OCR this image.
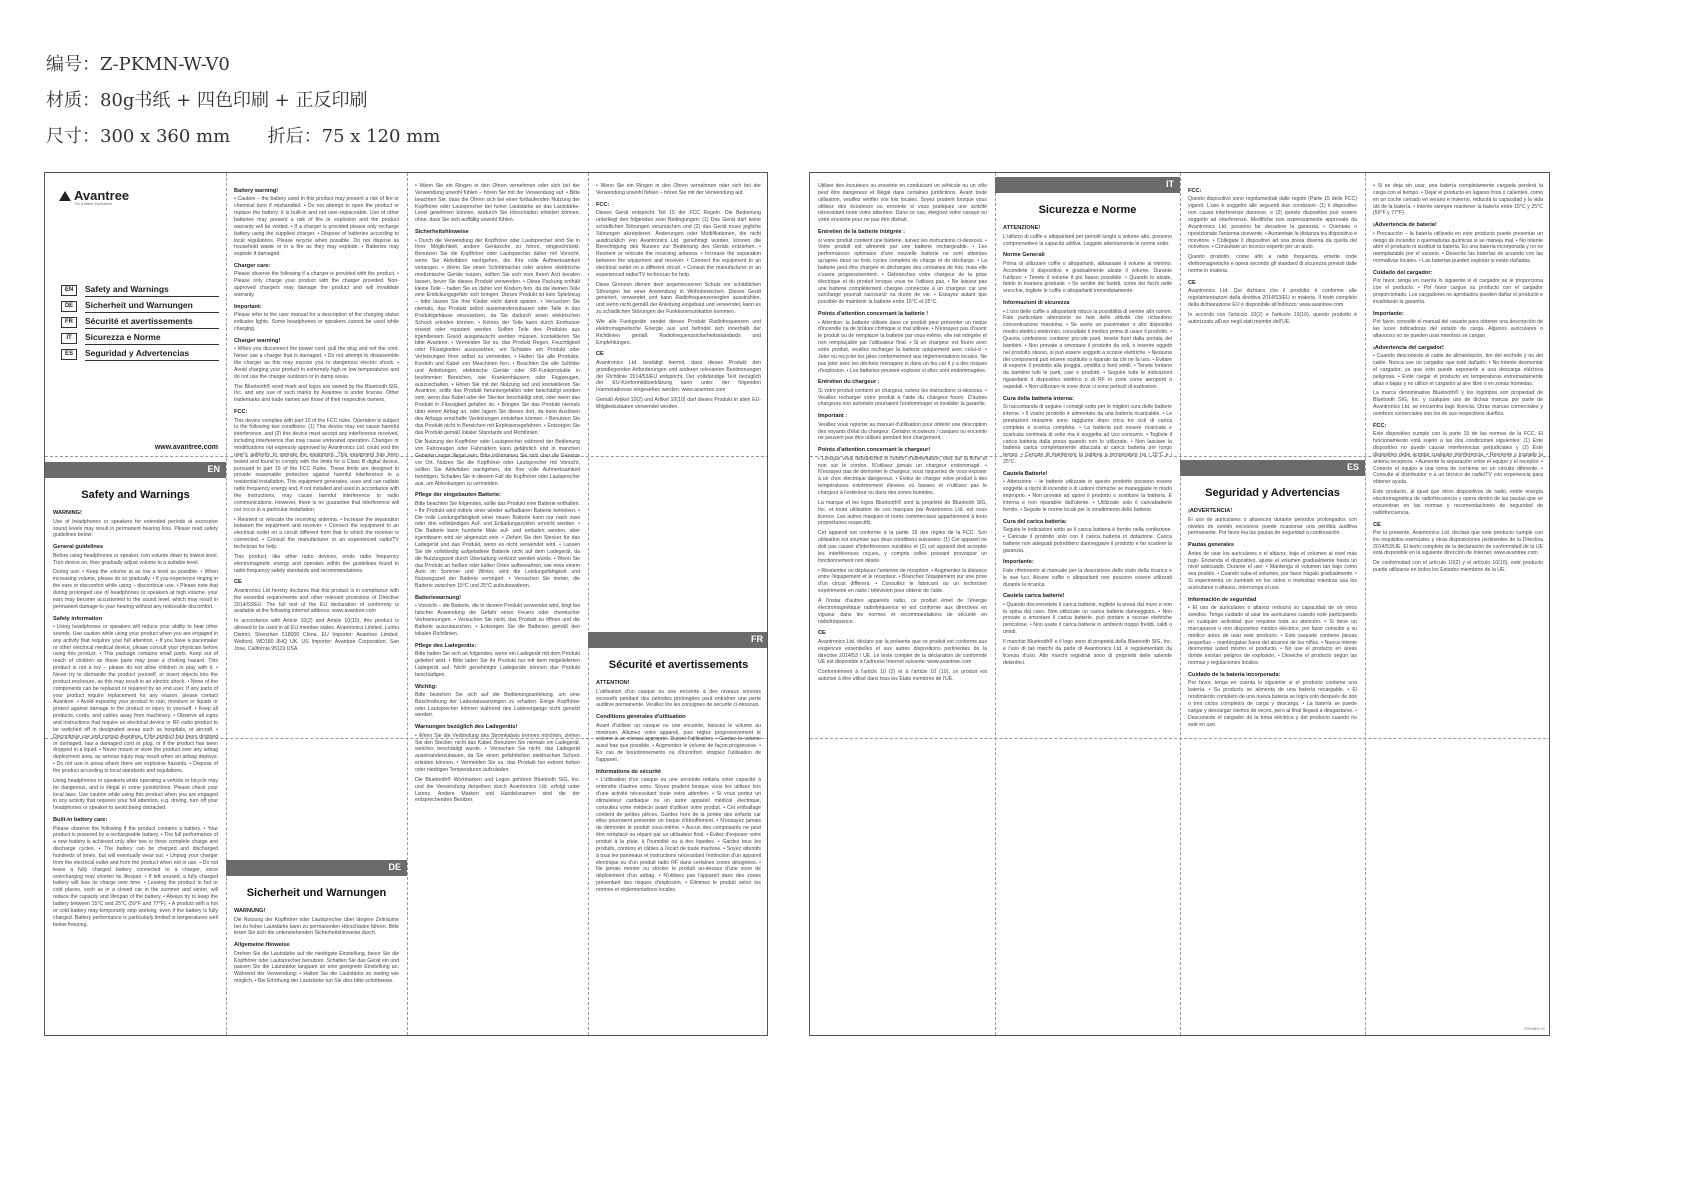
编号：Z-PKMN-W-V0
材质：80g书纸 + 四色印刷 + 正反印刷
尺寸：300 x 360 mm 折后：75 x 120 mm
Avantree
For a Better Experience
EN	Safety and Warnings
DE	Sicherheit und Warnungen
FR	Sécurité et avertissements
IT	Sicurezza e Norme
ES	Seguridad y Advertencias
www.avantree.com
EN
Safety and Warnings
WARNING!

Use of headphones or speakers for extended periods at excessive sound levels may result in permanent hearing loss. Please read safety guidelines below:

General guidelines

Before using headphones or speaker, turn volume down to lowest level. Turn device on, then gradually adjust volume to a suitable level.

During use: • Keep the volume at as low a level as possible. • When increasing volume, please do so gradually. • If you experience ringing in the ears or discomfort while using – discontinue use. • Please note that during prolonged use of headphones or speakers at high volume, your ears may become accustomed to the sound level, which may result in permanent damage to your hearing without any noticeable discomfort.

Safety information

• Using headphones or speakers will reduce your ability to hear other sounds. Use caution while using your product when you are engaged in any activity that requires your full attention. • If you have a pacemaker or other electrical medical device, please consult your physician before using this product. • This package contains small parts. Keep out of reach of children as these parts may pose a choking hazard. This product is not a toy – please do not allow children to play with it. • Never try to dismantle the product yourself, or insert objects into the product enclosure, as this may result in an electric shock. • None of the components can be replaced or repaired by an end user. If any parts of your product require replacement for any reason, please contact Avantree. • Avoid exposing your product to rain, moisture or liquids or protect against damage to the product or injury to yourself. • Keep all products, cords, and cables away from machinery. • Observe all signs and instructions that require an electrical device or RF radio product to be switched off in designated areas such as hospitals, or aircraft. • Discontinue use and contact Avantree, if the product has been dropped or damaged, has a damaged cord or plug, or if the product has been dropped in a liquid. • Never mount or store the product over any airbag deployment area, as serious injury may result when an airbag deploys. • Do not use in areas where there are explosive hazards. • Dispose of the product according to local standards and regulations.

Using headphones or speakers while operating a vehicle or bicycle may be dangerous, and is illegal in some jurisdictions. Please check your local laws. Use caution while using this product when you are engaged in any activity that requires your full attention, e.g. driving, turn off your headphones or speaker to avoid being distracted.

Built-in battery care:

Please observe the following if the product contains a battery. • Your product is powered by a rechargeable battery. • The full performance of a new battery is achieved only after two or three complete charge and discharge cycles. • The battery can be charged and discharged hundreds of times, but will eventually wear out. • Unplug your charger from the electrical outlet and from the product when not in use. • Do not leave a fully charged battery connected to a charger, since overcharging may shorten its lifespan. • If left unused, a fully charged battery will lose its charge over time. • Leaving the product in hot or cold places, such as in a closed car in the summer and winter, will reduce the capacity and lifespan of the battery. • Always try to keep the battery between 15°C and 25°C (59°F and 77°F). • A product with a hot or cold battery may temporarily stop working, even if the battery is fully charged. Battery performance is particularly limited in temperatures well below freezing.

Battery warning!

• Caution – the battery used in this product may present a risk of fire or chemical burn if mishandled. • Do not attempt to open the product or replace the battery. It is built-in and not user-replaceable. Use of other batteries may present a risk of fire or explosion and the product warranty will be voided. • If a charger is provided please only recharge battery using the supplied charger. • Dispose of batteries according to local regulations. Please recycle when possible. Do not dispose as household waste or in a fire as they may explode. • Batteries may explode if damaged.

Charger care:

Please observe the following if a charger is provided with the product. • Please only charge your product with the charger provided. Non-approved chargers may damage the product and will invalidate warranty.

Important:

Please refer to the user manual for a description of the charging status indicator lights. Some headphones or speakers cannot be used while charging.

Charger warning!

• When you disconnect the power cord, pull the plug and not the cord. Never use a charger that is damaged. • Do not attempt to disassemble the charger as this may expose you to dangerous electric shock. • Avoid charging your product in extremely high or low temperatures and do not use the charger outdoors or in damp areas.

The Bluetooth® word mark and logos are owned by the Bluetooth SIG, Inc. and any use of such marks by Avantree is under license. Other trademarks and trade names are those of their respective owners.

FCC:

This device complies with part 15 of the FCC rules. Operation is subject to the following two conditions: (1) This device may not cause harmful interference, and (2) this device must accept any interference received, including interference that may cause undesired operation. Changes or modifications not expressly approved by Avantronics Ltd. could void the user's authority to operate the equipment. This equipment has been tested and found to comply with the limits for a Class B digital device, pursuant to part 15 of the FCC Rules. These limits are designed to provide reasonable protection against harmful interference in a residential installation. This equipment generates, uses and can radiate radio frequency energy and, if not installed and used in accordance with the instructions, may cause harmful interference to radio communications. However, there is no guarantee that interference will not occur in a particular installation.

• Reorient or relocate the receiving antenna. • Increase the separation between the equipment and receiver. • Connect the equipment to an electrical outlet on a circuit different from that to which the receiver is connected. • Consult the manufacturer or an experienced radio/TV technician for help.

This product, like other radio devices, emits radio frequency electromagnetic energy and operates within the guidelines found in radio frequency safety standards and recommendations.

CE

Avantronics Ltd hereby declares that this product is in compliance with the essential requirements and other relevant provisions of Directive 2014/53/EU. The full text of the EU declaration of conformity is available at the following internet address: www.avantree.com

In accordance with Article 10(2) and Article 10(10), this product is allowed to be used in all EU member states. Avantronics Limited, Luohu District, Shenzhen 518000 China. EU Importer: Avantree Limited, Watford, WD180 8HQ UK. US Importer: Avantree Corporation, San Jose, California 95119 USA

DE
Sicherheit und Warnungen
WARNUNG!

Die Nutzung der Kopfhörer oder Lautsprecher über längere Zeiträume bei zu hoher Lautstärke kann zu permanenten Hörschäden führen. Bitte lesen Sie sich die untenstehenden Sicherheitshinweise durch.

Allgemeine Hinweise

Drehen Sie die Lautstärke auf die niedrigste Einstellung, bevor Sie die Kopfhörer oder Lautsprecher benutzen. Schalten Sie das Gerät ein und passen Sie die Lautstärke langsam an eine geeignete Einstellung an. Während der Verwendung: • Halten Sie die Lautstärke so niedrig wie möglich. • Bei Erhöhung der Lautstärke tun Sie dies bitte schrittweise.

• Wenn Sie ein Ringen in den Ohren vernehmen oder sich bei der Verwendung unwohl fühlen – hören Sie mit der Verwendung auf. • Bitte beachten Sie, dass die Ohren sich bei einer fortlaufenden Nutzung der Kopfhörer oder Lautsprecher bei hoher Lautstärke an das Lautstärke-Level gewöhnen können, wodurch Sie Hörschäden erleiden können, ohne, dass Sie sich auffällig unwohl fühlen.

Sicherheitshinweise

• Durch die Verwendung der Kopfhörer oder Lautsprecher sind Sie in Ihrer Möglichkeit, andere Geräusche zu hören, eingeschränkt. Benutzen Sie die Kopfhörer oder Lautsprecher daher mit Vorsicht, wenn Sie Aktivitäten nachgehen, die Ihre volle Aufmerksamkeit verlangen. • Wenn Sie einen Schrittmacher oder andere elektrische medizinische Geräte nutzen, sollten Sie sich vom Ihrem Arzt beraten lassen, bevor Sie dieses Produkt verwenden. • Diese Packung enthält kleine Teile – halten Sie es daher von Kindern fern, da die kleinen Teile eine Erstickungsgefahr sich bringen. Dieses Produkt ist kein Spielzeug – bitte lassen Sie Ihre Kinder nicht damit spielen. • Versuchen Sie niemals, das Produkt selbst auseinanderzubauen oder Teile in das Produktgehäuse einzusetzen, da Sie dadurch einen elektrischen Schock erleiden können. • Keines der Teile kann durch Endnutzer ersetzt oder repariert werden. Sollten Teile des Produkts aus irgendeinem Grund ausgetauscht werden müssen, kontaktieren Sie bitte Avantree. • Vermeiden Sie es, das Produkt Regen, Feuchtigkeit oder Flüssigkeiten auszusetzen, um Schäden am Produkt oder Verletzungen Ihrer selbst zu vermeiden. • Halten Sie alle Produkte, Kordeln und Kabel von Maschinen fern. • Beachten Sie alle Schilder und Anleitungen, elektrische Geräte oder RF-Funkprodukte in bestimmten Bereichen, wie Krankenhäusern oder Flugzeugen, auszuschalten. • Hören Sie mit der Nutzung auf und kontaktieren Sie Avantree, sollte das Produkt heruntergefallen oder beschädigt worden sein, wenn das Kabel oder der Stecker beschädigt sind, oder wenn das Produkt in Flüssigkeit gefallen ist. • Bringen Sie das Produkt niemals über einem Airbag an, oder lagern Sie dieses dort, da beim Auslösen des Airbags ernsthafte Verletzungen entstehen können. • Benutzen Sie das Produkt nicht in Bereichen mit Explosionsgefahren. • Entsorgen Sie das Produkt gemäß lokaler Standards und Richtlinien.

Die Nutzung der Kopfhörer oder Lautsprecher während der Bedienung von Fahrzeugen oder Fahrrädern kann gefährlich und in manchen Gebieten sogar illegal sein. Bitte informieren Sie sich über die Gesetze vor Ort. Nutzen Sie die Kopfhörer oder Lautsprecher mit Vorsicht, sollten Sie Aktivitäten nachgehen, die Ihre volle Aufmerksamkeit benötigen. Schalten Sie in diesem Fall die Kopfhörer oder Lautsprecher aus, um Ablenkungen zu vermeiden.

Pflege der eingebauten Batterie:

Bitte beachten Sie folgendes, sollte das Produkt eine Batterie enthalten. • Ihr Produkt wird mittels einer wieder aufladbaren Batterie betrieben. • Die volle Leistungsfähigkeit einer neuen Batterie kann nur nach zwei oder drei vollständigen Auf- und Entladungszyklen erreicht werden. • Die Batterie kann hunderte Male auf- und entladen werden, aber irgendwann wird sie abgenutzt sein. • Ziehen Sie den Stecker für das Ladegerät und das Produkt, wenn es nicht verwendet wird. • Lassen Sie die vollständig aufgeladene Batterie nicht auf dem Ladegerät, da die Nutzungszeit durch Überladung verkürzt werden würde. • Wenn Sie das Produkt an heißen oder kalten Orten aufbewahren, wie etwa einem Auto im Sommer und Winter, wird die Leistungsfähigkeit und Nutzungszeit der Batterie verringert. • Versuchen Sie immer, die Batterie zwischen 15°C und 25°C aufzubewahren.

Batteriewarnung!

• Vorsicht – die Batterie, die in diesem Produkt verwendet wird, birgt bei falscher Anwendung die Gefahr eines Feuers oder chemischer Verbrennungen. • Versuchen Sie nicht, das Produkt zu öffnen und die Batterie auszutauschen. • Entsorgen Sie die Batterien gemäß den lokalen Richtlinien.

Pflege des Ladegeräts:

Bitte halten Sie sich an folgendes, wenn ein Ladegerät mit dem Produkt geliefert wird. • Bitte laden Sie Ihr Produkt nur mit dem mitgelieferten Ladegerät auf. Nicht genehmigte Ladegeräte können das Produkt beschädigen.

Wichtig:

Bitte beziehen Sie sich auf die Bedienungsanleitung, um eine Beschreibung der Ladestatusanzeigen zu erhalten. Einige Kopfhörer oder Lautsprecher können während des Ladevorgangs nicht genutzt werden.

Warnungen bezüglich des Ladegeräts!

• Wenn Sie die Verbindung des Stromkabels trennen möchten, ziehen Sie den Stecker, nicht das Kabel. Benutzen Sie niemals ein Ladegerät, welches beschädigt wurde. • Versuchen Sie nicht, das Ladegerät auseinanderzubauen, da Sie einen gefährlichen elektrischen Schock erleiden können. • Vermeiden Sie es, das Produkt bei extrem hohen oder niedrigen Temperaturen aufzuladen.

Die Bluetooth® Wortmarken und Logos gehören Bluetooth SIG, Inc. und die Verwendung derselben durch Avantronics Ltd. erfolgt unter Lizenz. Andere Marken und Handelsnamen sind die der entsprechenden Besitzer.

• Wenn Sie ein Ringen in den Ohren vernehmen oder sich bei der Verwendung unwohl fühlen – hören Sie mit der Verwendung auf.

FCC:

Dieses Gerät entspricht Teil 15 der FCC Regeln. Die Bedienung unterliegt den folgenden zwei Bedingungen: (1) Das Gerät darf keine schädlichen Störungen verursachen und (2) das Gerät muss jegliche Störungen akzeptieren. Änderungen oder Modifikationen, die nicht ausdrücklich von Avantronics Ltd. genehmigt wurden, können die Berechtigung des Nutzers zur Bedienung des Geräts entziehen. • Reorient or relocate the receiving antenna. • Increase the separation between the equipment and receiver. • Connect the equipment to an electrical outlet on a different circuit. • Consult the manufacturer or an experienced radio/TV technician for help.

Diese Grenzen dienen dem angemessenen Schutz vor schädlichen Störungen bei einer Anwendung in Wohnbereichen. Dieses Gerät generiert, verwendet und kann Radiofrequenzenergien ausstrahlen, und wenn nicht gemäß der Anleitung eingebaut und verwendet, kann es zu schädlichen Störungen der Funkkommunikation kommen.

Wie alle Funkgeräte sendet dieses Produkt Radiofrequenzen und elektromagnetische Energie aus und befindet sich innerhalb der Richtlinien gemäß Radiofrequenzsicherheitsstandards und Empfehlungen.

CE

Avantronics Ltd. bestätigt hiermit, dass dieses Produkt den grundlegenden Anforderungen und anderen relevanten Bestimmungen der Richtlinie 2014/53/EU entspricht. Der vollständige Text bezüglich der EU-Konformitätserklärung kann unter der folgenden Internetadresse eingesehen werden: www.avantree.com

Gemäß Artikel 10(2) und Artikel 10(10) darf dieses Produkt in allen EU-Mitgliedsstaaten verwendet werden.

FR
Sécurité et avertissements
ATTENTION!

L'utilisation d'un casque ou une enceinte à des niveaux sonores excessifs pendant des périodes prolongées peut entraîner une perte auditive permanente. Veuillez lire les consignes de sécurité ci-dessous.

Conditions générales d'utilisation

Avant d'utiliser un casque ou une enceinte, baissez le volume au minimum. Allumez votre appareil, puis réglez progressivement le volume à un niveau approprié. Durant l'utilisation: • Gardez le volume aussi bas que possible. • Augmentez le volume de façon progressive. • En cas de bourdonnements ou d'inconfort, stoppez l'utilisation de l'appareil.

Informations de sécurité

• L'utilisation d'un casque ou une enceinte réduira votre capacité à entendre d'autres sons. Soyez prudent lorsque vous les utilisez lors d'une activité nécessitant toute votre attention. • Si vous portez un stimulateur cardiaque ou un autre appareil médical électrique, consultez votre médecin avant d'utiliser votre produit. • Cet emballage contient de petites pièces. Gardez hors de la portée des enfants car elles pourraient présenter un risque d'étouffement. • N'essayez jamais de démonter le produit vous-même. • Aucun des composants ne peut être remplacé ou réparé par un utilisateur final. • Évitez d'exposer votre produit à la pluie, à l'humidité ou à des liquides. • Gardez tous les produits, cordons et câbles à l'écart de toute machine. • Soyez attentifs à tous les panneaux et instructions nécessitant l'extinction d'un appareil électrique ou d'un produit radio RF dans certaines zones désignées. • Ne jamais monter ou stocker le produit au-dessus d'une zone de déploiement d'un airbag. • N'utilisez pas l'appareil dans des zones présentant des risques d'explosion. • Éliminez le produit selon les normes et réglementations locales.

Utiliser des écouteurs ou enceinte en conduisant un véhicule ou un vélo peut être dangereux et illégal dans certaines juridictions. Avant toute utilisation, veuillez vérifier vos lois locales. Soyez prudent lorsque vous utilisez des écouteurs ou enceinte si vous pratiquez une activité nécessitant toute votre attention. Dans ce cas, éteignez votre casque ou votre enceinte pour ne pas être distrait.

Entretien de la batterie intégrée :

si votre produit contient une batterie, suivez les instructions ci-dessous. • Votre produit est alimenté par une batterie rechargeable. • Les performances optimales d'une nouvelle batterie ne sont atteintes qu'après deux ou trois cycles complets de charge et de décharge. • La batterie peut être chargée et déchargée des centaines de fois, mais elle s'usera progressivement. • Débranchez votre chargeur de la prise électrique et du produit lorsque vous ne l'utilisez pas. • Ne laissez pas une batterie complètement chargée connectée à un chargeur car une surcharge pourrait raccourcir sa durée de vie. • Essayez autant que possible de maintenir la batterie entre 15°C et 25°C.

Points d'attention concernant la batterie !

• Attention: la batterie utilisée dans ce produit peut présenter un risque d'incendie ou de brûlure chimique si mal utilisée. • N'essayez pas d'ouvrir le produit ou de remplacer la batterie par vous-même, elle est intégrée et non remplaçable par l'utilisateur final. • Si un chargeur est fourni avec votre produit, veuillez recharger la batterie uniquement avec celui-ci. • Jeter ou recycler les piles conformément aux réglementations locales. Ne pas jeter avec les déchets ménagers ni dans un feu car il y a des risques d'explosion. • Les batteries peuvent exploser si elles sont endommagées.

Entretien du chargeur :

Si votre produit contient un chargeur, suivez les instructions ci-dessous. • Veuillez recharger votre produit à l'aide du chargeur fourni. D'autres chargeurs non autorisés pourraient l'endommager et invalider la garantie.

Important :

Veuillez vous reporter au manuel d'utilisation pour obtenir une description des voyants d'état du chargeur. Certains écouteurs / casques ou enceinte ne peuvent pas être utilisés pendant leur chargement.

Points d'attention concernant le chargeur!

• Lorsque vous débranchez le cordon d'alimentation, tirez sur la fiche et non sur le cordon. N'utilisez jamais un chargeur endommagé. • N'essayez pas de démonter le chargeur, vous risqueriez de vous exposer à un choc électrique dangereux. • Évitez de charger votre produit à des températures extrêmement élevées ou basses et n'utilisez pas le chargeur à l'extérieur ou dans des zones humides.

La marque et les logos Bluetooth® sont la propriété de Bluetooth SIG, Inc. et toute utilisation de ces marques par Avantronics Ltd. est sous licence. Les autres marques et noms commerciaux appartiennent à leurs propriétaires respectifs.

Cet appareil est conforme à la partie 15 des règles de la FCC. Son utilisation est soumise aux deux conditions suivantes: (1) Cet appareil ne doit pas causer d'interférences nuisibles et (2) cet appareil doit accepter les interférences reçues, y compris celles pouvant provoquer un fonctionnement non désiré.

• Réorientez ou déplacez l'antenne de réception. • Augmentez la distance entre l'équipement et le récepteur. • Branchez l'équipement sur une prise d'un circuit différent. • Consultez le fabricant ou un technicien expérimenté en radio / télévision pour obtenir de l'aide.

À l'instar d'autres appareils radio, ce produit émet de l'énergie électromagnétique radiofréquence et est conforme aux directives en vigueur dans les normes et recommandations de sécurité en radiofréquence.

CE

Avantronics Ltd. déclare par la présente que ce produit est conforme aux exigences essentielles et aux autres dispositions pertinentes de la directive 2014/53 / UE. Le texte complet de la déclaration de conformité UE est disponible à l'adresse Internet suivante: www.avantree.com

Conformément à l'article 10 (2) et à l'article 10 (10), ce produit est autorisé à être utilisé dans tous les États membres de l'UE.

IT
Sicurezza e Norme
ATTENZIONE!

L'utilizzo di cuffie e altoparlanti per periodi lunghi a volume alto, possono compromettere la capacità uditiva. Leggete attentamente le norme sotto.

Norme Generali

Prima di utilizzare cuffie o altoparlanti, abbassate il volume al minimo. Accendete il dispositivo e gradualmente alzate il volume. Durante l'utilizzo: • Tenete il volume il più basso possibile. • Quando lo alzate, fatelo in maniera graduale. • Se sentite dei fastidi, come dei fischi nelle orecchie, togliete le cuffie o altoparlanti immediatamente.

Informazioni di sicurezza

• L'uso delle cuffie o altoparlanti riduce la possibilità di sentire altri rumori. Fate particolare attenzione se fate delle attività che richiedono concentrazione massima. • Se avete un pacemaker o altri dispositivi medici elettrici elettronici, consultate il medico prima di usare il prodotto. • Questa confezione contiene piccole parti, tenete fuori dalla portata dei bambini. • Non provate a smontare il prodotto da soli, o inserire oggetti nel prodotto stesso, si può essere soggetti a scosse elettriche. • Nessuna dei componenti può essere sostituito o riparato da chi ne fa uso. • Evitare di esporre il prodotto alla pioggia, umidità o fonti simili. • Tenete lontano da bambini tutti le parti, cavi e prodotti. • Seguire tutte le indicazioni riguardanti il dispositivo elettrico o di RF in zone come aeroporti o ospedali. • Non utilizzare in zone dove ci sono pericoli di esplosioni.

Cura della batteria interna:

Si raccomanda di seguire i consigli sotto per le migliori cura delle batterie interne. • Il vostro prodotto è alimentato da una batteria ricaricabile. • Le prestazioni massime sono raggiunte dopo circa tre cicli di carica completa e scarica completa. • La batteria può essere ricaricata e scaricata centinaia di volte ma è soggetta ad uso consumo. • Togliete il carica batteria dalla presa quando non lo utilizzate. • Non lasciare la batteria carica completamente attaccata al carica batteria per lungo tempo. • Cercate di mantenere la batteria a temperature tra i 15°C e i 25°C.

Cautela Batterie!

• Attenzione – le batterie utilizzate in questo prodotto possono essere soggette a rischi di incendio o di ustioni chimiche se maneggiate in modo improprio. • Non provate ad aprire il prodotto o sostituire la batteria. È interna e non riparabile dall'utente. • Utilizzate solo il caricabatterie fornito. • Seguite le norme locali per lo smaltimento delle batterie.

Cura del carica batteria:

Seguite le indicazioni sotto se il carica batteria è fornito nella confezione. • Caricate il prodotto solo con il carica batteria in dotazione. Carica batterie non adeguati potrebbero danneggiare il prodotto e far scadere la garanzia.

Importante:

Fate riferimento al manuale per la descrizione dello stato della ricarica e le sue luci. Alcune cuffie o altoparlanti non possono essere utilizzati durante la ricarica.

Cautela carica batterie!

• Quando disconnettete il carica batterie, togliete la presa dal muro e non la spina dal cavo. Non utilizzate un carica batterie danneggiato. • Non provate a smontare il carica batterie, può portare a scosse elettriche pericolose. • Non usate il carica batterie in ambienti troppo freddi, caldi o umidi.

Il marchio Bluetooth® e il logo sono di proprietà della Bluetooth SIG, Inc. e l'uso di tali marchi da parte di Avantronics Ltd. è regolamentato da licenza d'uso. Altri marchi registrati sono di proprietà delle aziende detentrici.

FCC:

Questo dispositivo sono regolamentati dalle regole (Parte 15 delle FCC) vigenti. L'uso è soggetto alle seguenti due condizioni: (1) il dispositivo non causa interferenze dannose, e (2) questo dispositivo può essere soggetto ad interferenze. Modifiche non espressamente approvate da Avantronics Ltd. possono far decadere la garanzia. • Orientate o riposizionate l'antenna ricevente. • Aumentate la distanza tra dispositivo e ricevitore. • Collegate il dispositivo ad una presa diversa da quella del ricevitore. • Consultate un tecnico esperto per un aiuto.

Questo prodotto, come altri a radio frequenza, emette onde elettromagnetiche e opera secondo gli standard di sicurezza previsti dalle norme in materia.

CE

Avantronics Ltd. Qui dichiara che il prodotto è conforme alle regolamentazioni della direttiva 2014/53/EU in materia. Il testo completo della dichiarazione EU è disponibile all'indirizzo: www.avantree.com

In accordo con l'articolo 10(2) e l'articolo 10(10), questo prodotto è autorizzato all'uso negli stati membri dell'UE.

ES
Seguridad y Advertencias
¡ADVERTENCIA!

El uso de auriculares o altavoces durante periodos prolongados con niveles de sonido excesivos puede ocasionar una pérdida auditiva permanente. Por favor lea las pautas de seguridad a continuación.

Pautas generales

Antes de usar los auriculares o el altavoz, baje el volumen al nivel más bajo. Encienda el dispositivo, ajuste el volumen gradualmente hasta un nivel adecuado. Durante el uso: • Mantenga el volumen tan bajo como sea posible. • Cuando suba el volumen, por favor hágalo gradualmente. • Si experimenta un zumbido en los oídos o molestias mientras usa los auriculares o altavoz, interrumpa el uso.

Información de seguridad

• El uso de auriculares o altavoz reducirá su capacidad de oír otros sonidos. Tenga cuidado al usar los auriculares cuando esté participando en cualquier actividad que requiera toda su atención. • Si tiene un marcapasos u otro dispositivo médico eléctrico, por favor consulte a su médico antes de usar este producto. • Este paquete contiene piezas pequeñas – manténgalas fuera del alcance de los niños. • Nunca intente desmontar usted mismo el producto. • No use el producto en áreas donde existan peligros de explosión. • Deseche el producto según las normas y regulaciones locales.

Cuidado de la batería incorporada:

Por favor, tenga en cuenta lo siguiente si el producto contiene una batería. • Su producto se alimenta de una batería recargable. • El rendimiento completo de una nueva batería se logra solo después de dos o tres ciclos completos de carga y descarga. • La batería se puede cargar y descargar cientos de veces, pero al final llegará a desgastarse. • Desconecte el cargador de la toma eléctrica y del producto cuando no esté en uso.

• Si se deja sin usar, una batería completamente cargada perderá la carga con el tiempo. • Dejar el producto en lugares fríos o calientes, como en un coche cerrado en verano e invierno, reducirá la capacidad y la vida útil de la batería. • Intente siempre mantener la batería entre 15°C y 25°C (59°F y 77°F).

¡Advertencia de batería!

• Precaución – la batería utilizada en este producto puede presentar un riesgo de incendio o quemaduras químicas si se maneja mal. • No intente abrir el producto ni sustituir la batería. Es una batería incorporada y no es reemplazable por el usuario. • Deseche las baterías de acuerdo con las normativas locales. • Las baterías pueden explotar si están dañadas.

Cuidado del cargador:

Por favor, tenga en cuenta lo siguiente si el cargador se le proporciona con el producto. • Por favor cargue su producto con el cargador proporcionado. Los cargadores no aprobados pueden dañar el producto e invalidarán la garantía.

Importante:

Por favor, consulte el manual del usuario para obtener una descripción de las luces indicadoras del estado de carga. Algunos auriculares o altavoces no se pueden usar mientras se cargan.

¡Advertencia del cargador!

• Cuando desconecte el cable de alimentación, tire del enchufe y no del cable. Nunca use un cargador que esté dañado. • No intente desmontar el cargador, ya que esto puede exponerle a una descarga eléctrica peligrosa. • Evite cargar el producto en temperaturas extremadamente altas o bajas y no utilice el cargador al aire libre o en zonas húmedas.

La marca denominativa Bluetooth® y los logotipos son propiedad de Bluetooth SIG, Inc. y cualquier uso de dichas marcas por parte de Avantronics Ltd. se encuentra bajo licencia. Otras marcas comerciales y nombres comerciales son los de sus respectivos dueños.

FCC:

Este dispositivo cumple con la parte 15 de las normas de la FCC. El funcionamiento está sujeto a las dos condiciones siguientes: (1) Este dispositivo no puede causar interferencias perjudiciales y (2) Este dispositivo debe aceptar cualquier interferencia. • Reoriente o traslade la antena receptora. • Aumente la separación entre el equipo y el receptor. • Conecte el equipo a una toma de corriente en un circuito diferente. • Consulte al distribuidor o a un técnico de radio/TV con experiencia para obtener ayuda.

Este producto, al igual que otros dispositivos de radio, emite energía electromagnética de radiofrecuencia y opera dentro de las pautas que se encuentran en las normas y recomendaciones de seguridad de radiofrecuencia.

CE

Por la presente, Avantronics Ltd. declara que este producto cumple con los requisitos esenciales y otras disposiciones pertinentes de la Directiva 2014/53/UE. El texto completo de la declaración de conformidad de la UE está disponible en la siguiente dirección de Internet: www.avantree.com

De conformidad con el artículo 10(2) y el artículo 10(10), este producto puede utilizarse en todos los Estados miembros de la UE.

ZPKMNW-V0
